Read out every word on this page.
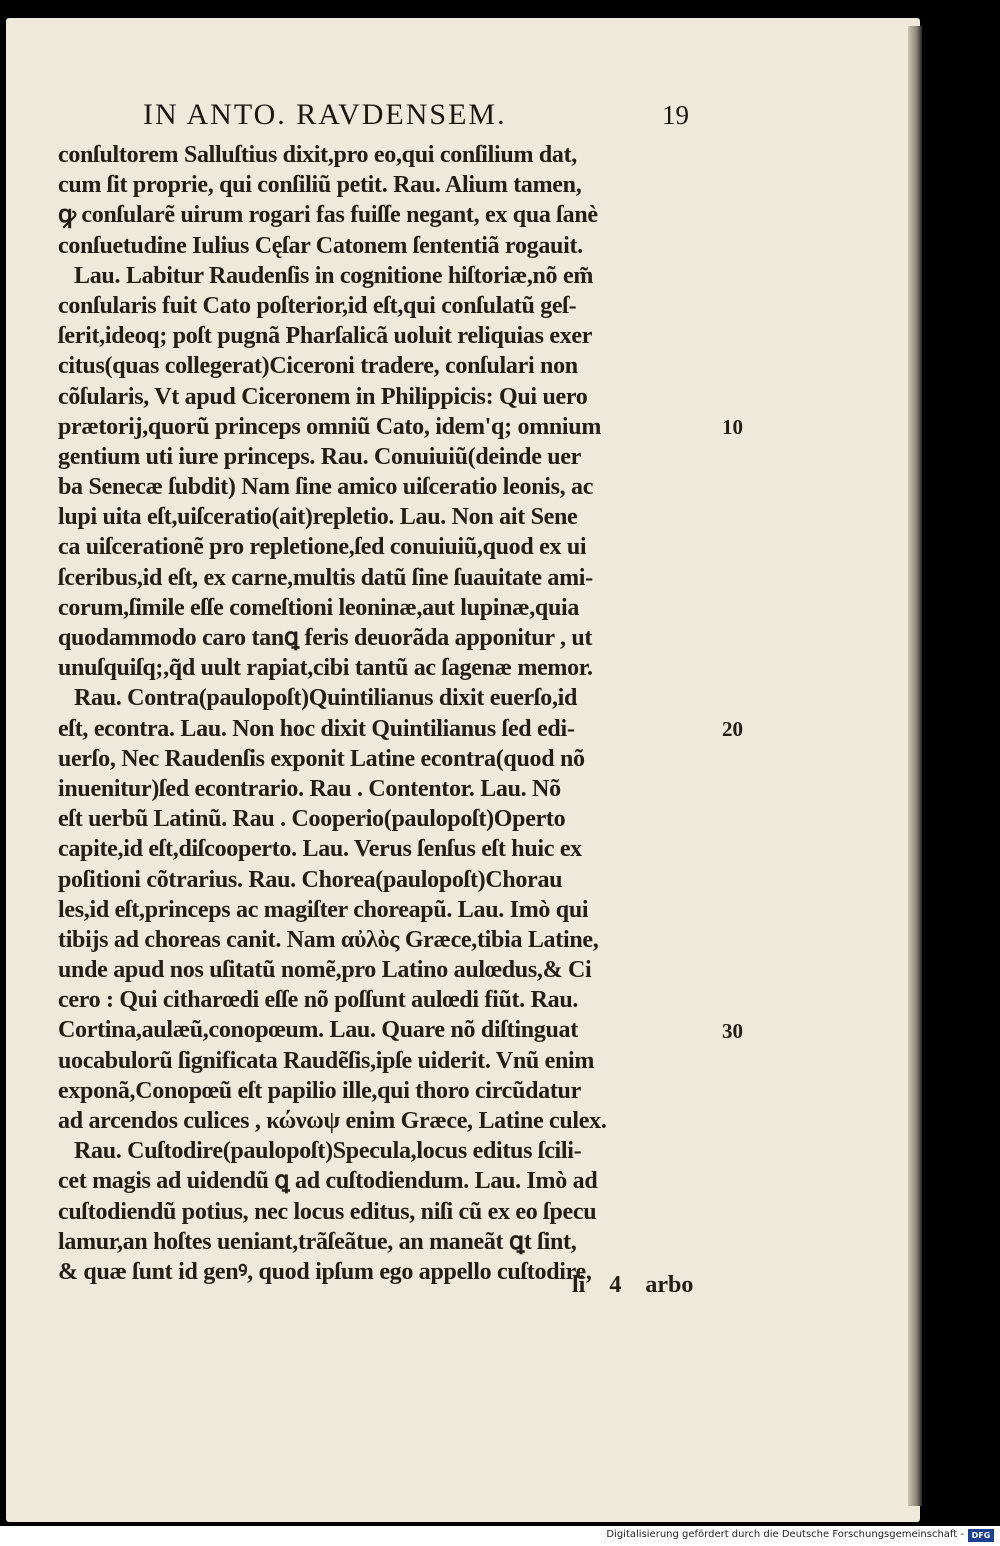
IN ANTO. RAVDENSEM.	19
conſultorem Salluſtius dixit,pro eo,qui conſilium dat,
cum ſit proprie, qui conſiliũ petit. Rau. Alium tamen,
ꝙ conſularẽ uirum rogari fas fuiſſe negant, ex qua ſanè
conſuetudine Iulius Cęſar Catonem ſententiã rogauit.
Lau. Labitur Raudenſis in cognitione hiſtoriæ,nõ em̃
conſularis fuit Cato poſterior,id eſt,qui conſulatũ geſ-
ſerit,ideoq; poſt pugnã Pharſalicã uoluit reliquias exer
citus(quas collegerat)Ciceroni tradere, conſulari non
cõſularis, Vt apud Ciceronem in Philippicis: Qui uero
prætorij,quorũ princeps omniũ Cato, idem'q; omnium
gentium uti iure princeps. Rau. Conuiuiũ(deinde uer
ba Senecæ ſubdit) Nam ſine amico uiſceratio leonis, ac
lupi uita eſt,uiſceratio(ait)repletio. Lau. Non ait Sene
ca uiſcerationẽ pro repletione,ſed conuiuiũ,quod ex ui
ſceribus,id eſt, ex carne,multis datũ ſine ſuauitate ami-
corum,ſimile eſſe comeſtioni leoninæ,aut lupinæ,quia
quodammodo caro tanꝗ feris deuorãda apponitur , ut
unuſquiſq;,q̃d uult rapiat,cibi tantũ ac ſagenæ memor.
Rau. Contra(paulopoſt)Quintilianus dixit euerſo,id
eſt, econtra. Lau. Non hoc dixit Quintilianus ſed edi-
uerſo, Nec Raudenſis exponit Latine econtra(quod nõ
inuenitur)ſed econtrario. Rau . Contentor. Lau. Nõ
eſt uerbũ Latinũ. Rau . Cooperio(paulopoſt)Operto
capite,id eſt,diſcooperto. Lau. Verus ſenſus eſt huic ex
poſitioni cõtrarius. Rau. Chorea(paulopoſt)Chorau
les,id eſt,princeps ac magiſter choreарũ. Lau. Imò qui
tibijs ad choreas canit. Nam αὐλὸς Græce,tibia Latine,
unde apud nos uſitatũ nomẽ,pro Latino aulœdus,& Ci
cero : Qui citharœdi eſſe nõ poſſunt aulœdi fiũt. Rau.
Cortina,aulæũ,conopœum. Lau. Quare nõ diſtinguat
uocabulorũ ſignificata Raudẽſis,ipſe uiderit. Vnũ enim
exponã,Conopœũ eſt papilio ille,qui thoro circũdatur
ad arcendos culices , κώνωψ enim Græce, Latine culex.
Rau. Cuſtodire(paulopoſt)Specula,locus editus ſcili-
cet magis ad uidendũ ꝗ ad cuſtodiendum. Lau. Imò ad
cuſtodiendũ potius, nec locus editus, niſi cũ ex eo ſpecu
lamur,an hoſtes ueniant,trãſeãtue, an maneãt ꝗt ſint,
& quæ ſunt id genꝰ, quod ipſum ego appello cuſtodire,
10
20
30
li 4 arbo
Digitalisierung gefördert durch die Deutsche Forschungsgemeinschaft - DFG
